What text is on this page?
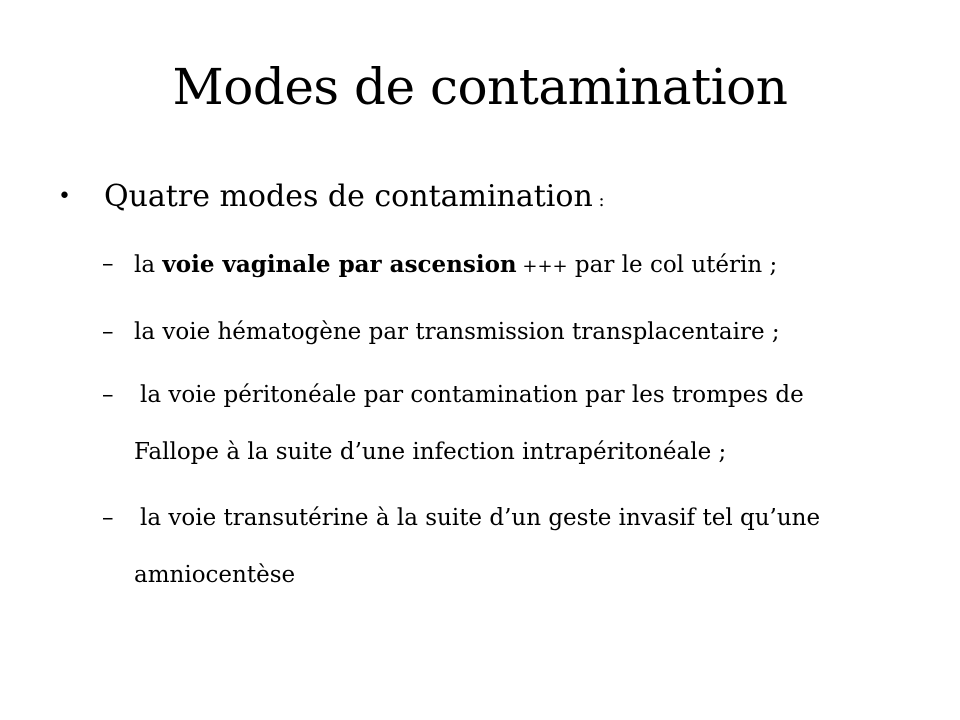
Modes de contamination
• Quatre modes de contamination :
– la voie vaginale par ascension +++ par le col utérin ;
– la voie hématogène par transmission transplacentaire ;
–	la voie péritonéale par contamination par les trompes de
Fallope à la suite d’une infection intrapéritonéale ;
–	la voie transutérine à la suite d’un geste invasif tel qu’une
amniocentèse
